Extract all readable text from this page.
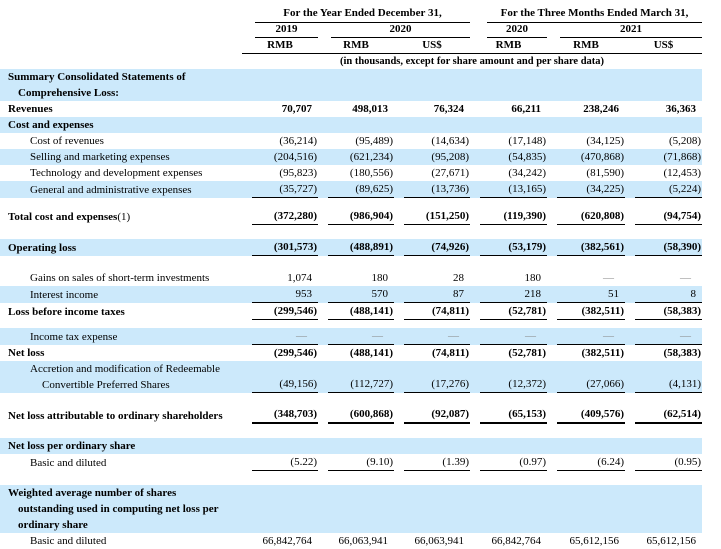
	For the Year Ended December 31,			For the Three Months Ended March 31,		

	2019	2020		2020	2021	

	RMB	RMB	US$	RMB	RMB	US$
	(in thousands, except for share amount and per share data)					

Summary Consolidated Statements of
Comprehensive Loss:						

Revenues	70,707	498,013	76,324	66,211	238,246	36,363

Cost and expenses						

Cost of revenues	(36,214)	(95,489)	(14,634)	(17,148)	(34,125)	(5,208)

Selling and marketing expenses	(204,516)	(621,234)	(95,208)	(54,835)	(470,868)	(71,868)

Technology and development expenses	(95,823)	(180,556)	(27,671)	(34,242)	(81,590)	(12,453)

General and administrative expenses	(35,727)	(89,625)	(13,736)	(13,165)	(34,225)	(5,224)

Total cost and expenses(1)	(372,280)	(986,904)	(151,250)	(119,390)	(620,808)	(94,754)

Operating loss	(301,573)	(488,891)	(74,926)	(53,179)	(382,561)	(58,390)

Gains on sales of short-term investments	1,074	180	28	180	—	—

Interest income	953	570	87	218	51	8

Loss before income taxes	(299,546)	(488,141)	(74,811)	(52,781)	(382,511)	(58,383)

Income tax expense	—	—	—	—	—	—

Net loss	(299,546)	(488,141)	(74,811)	(52,781)	(382,511)	(58,383)

Accretion and modification of Redeemable
Convertible Preferred Shares	(49,156)	(112,727)	(17,276)	(12,372)	(27,066)	(4,131)

Net loss attributable to ordinary shareholders	(348,703)	(600,868)	(92,087)	(65,153)	(409,576)	(62,514)

Net loss per ordinary share						

Basic and diluted	(5.22)	(9.10)	(1.39)	(0.97)	(6.24)	(0.95)

Weighted average number of shares
outstanding used in computing net loss per
ordinary share						

Basic and diluted	66,842,764	66,063,941	66,063,941	66,842,764	65,612,156	65,612,156
